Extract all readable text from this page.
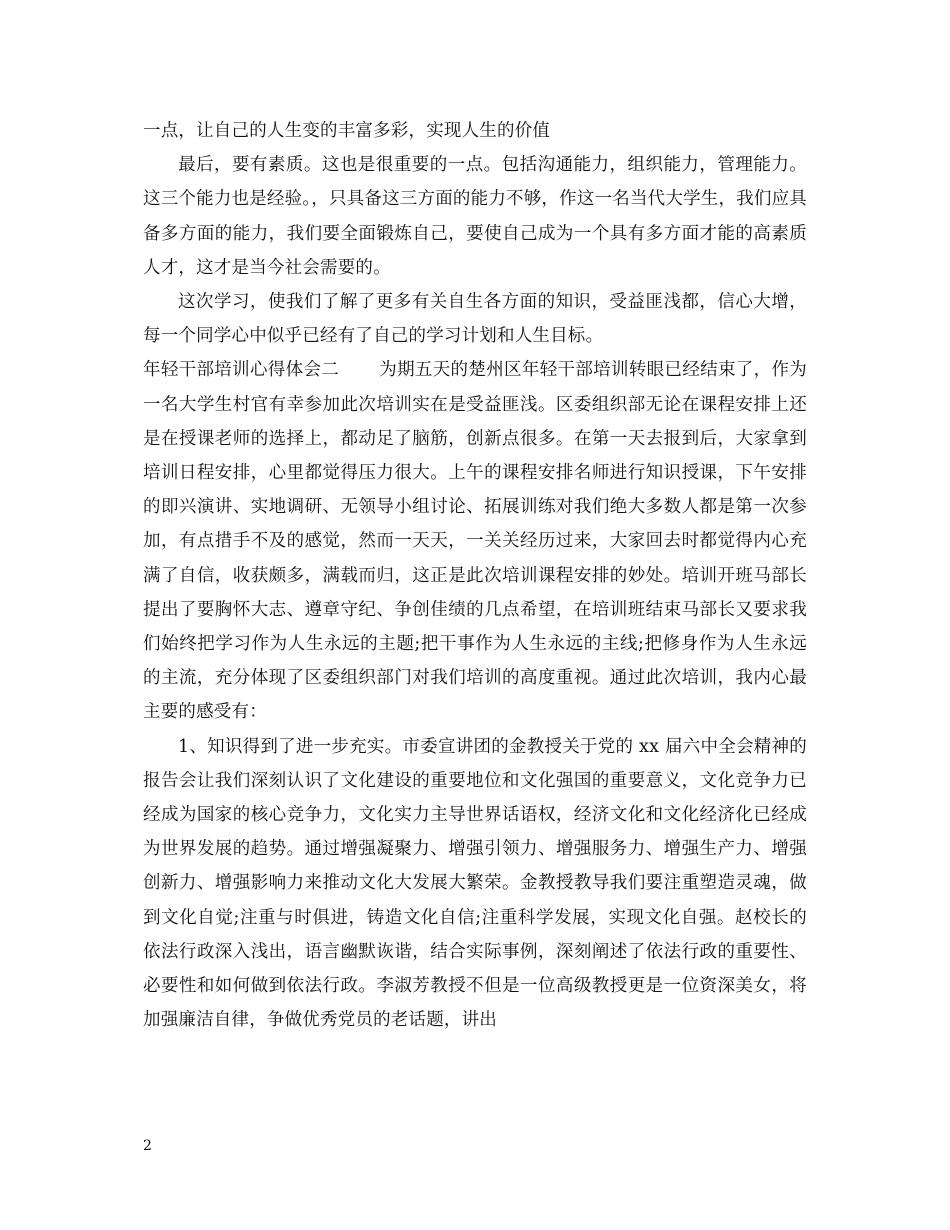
一点，让自己的人生变的丰富多彩，实现人生的价值

最后，要有素质。这也是很重要的一点。包括沟通能力，组织能力，管理能力。这三个能力也是经验。，只具备这三方面的能力不够，作这一名当代大学生，我们应具备多方面的能力，我们要全面锻炼自己，要使自己成为一个具有多方面才能的高素质人才，这才是当今社会需要的。

这次学习，使我们了解了更多有关自生各方面的知识，受益匪浅都，信心大增，每一个同学心中似乎已经有了自己的学习计划和人生目标。

年轻干部培训心得体会二 为期五天的楚州区年轻干部培训转眼已经结束了，作为一名大学生村官有幸参加此次培训实在是受益匪浅。区委组织部无论在课程安排上还是在授课老师的选择上，都动足了脑筋，创新点很多。在第一天去报到后，大家拿到培训日程安排，心里都觉得压力很大。上午的课程安排名师进行知识授课，下午安排的即兴演讲、实地调研、无领导小组讨论、拓展训练对我们绝大多数人都是第一次参加，有点措手不及的感觉，然而一天天，一关关经历过来，大家回去时都觉得内心充满了自信，收获颇多，满载而归，这正是此次培训课程安排的妙处。培训开班马部长提出了要胸怀大志、遵章守纪、争创佳绩的几点希望，在培训班结束马部长又要求我们始终把学习作为人生永远的主题;把干事作为人生永远的主线;把修身作为人生永远的主流，充分体现了区委组织部门对我们培训的高度重视。通过此次培训，我内心最主要的感受有：

1、知识得到了进一步充实。市委宣讲团的金教授关于党的 xx 届六中全会精神的报告会让我们深刻认识了文化建设的重要地位和文化强国的重要意义，文化竞争力已经成为国家的核心竞争力，文化实力主导世界话语权，经济文化和文化经济化已经成为世界发展的趋势。通过增强凝聚力、增强引领力、增强服务力、增强生产力、增强创新力、增强影响力来推动文化大发展大繁荣。金教授教导我们要注重塑造灵魂，做到文化自觉;注重与时俱进，铸造文化自信;注重科学发展，实现文化自强。赵校长的依法行政深入浅出，语言幽默诙谐，结合实际事例，深刻阐述了依法行政的重要性、必要性和如何做到依法行政。李淑芳教授不但是一位高级教授更是一位资深美女，将加强廉洁自律，争做优秀党员的老话题，讲出

2
